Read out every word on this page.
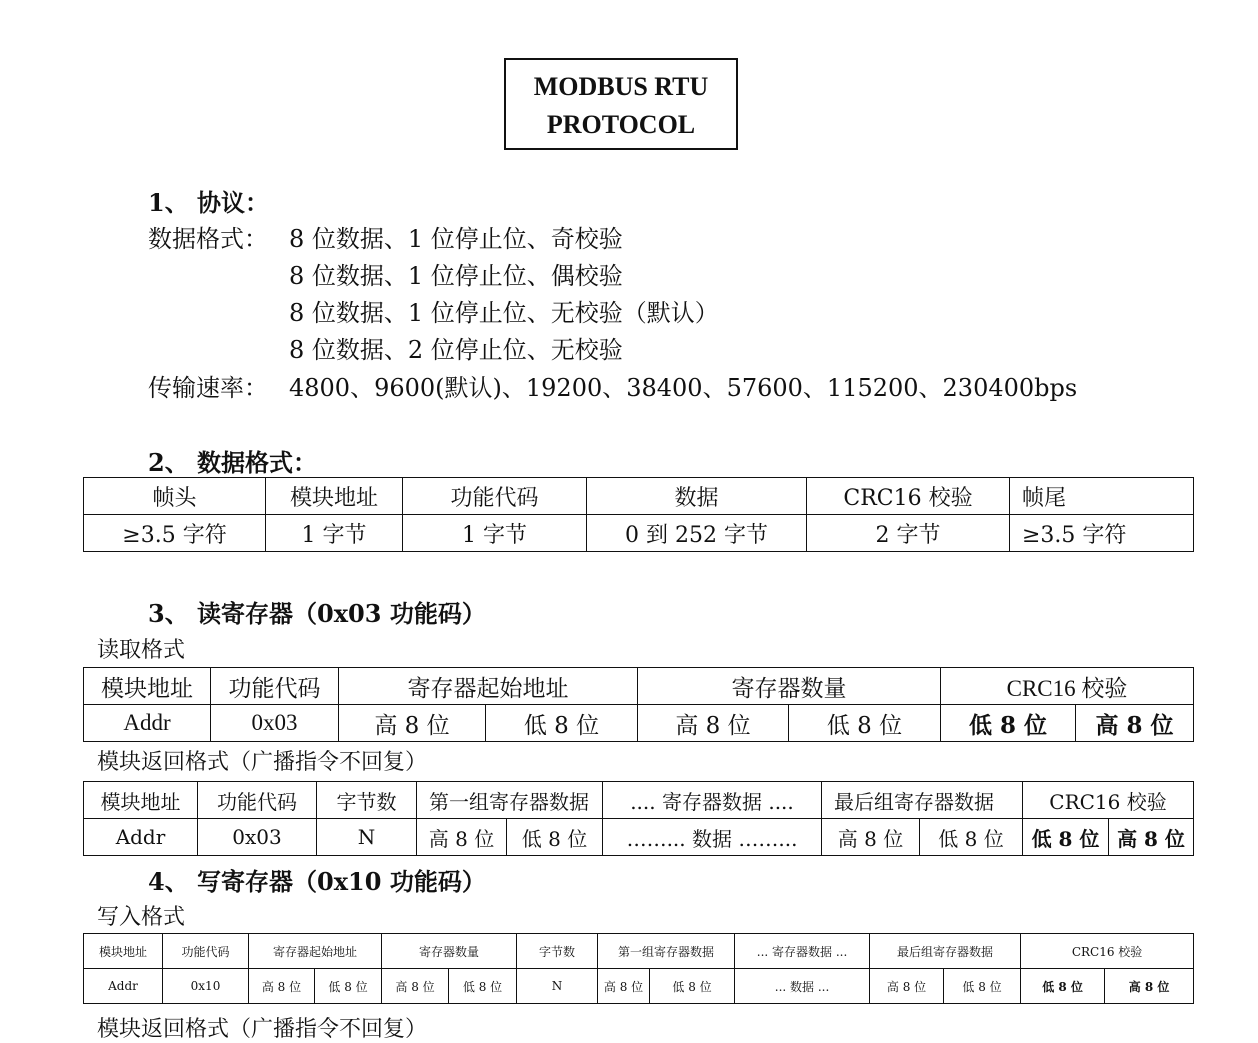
MODBUS RTU
PROTOCOL
1、 协议：
数据格式： 8 位数据、1 位停止位、奇校验
8 位数据、1 位停止位、偶校验
8 位数据、1 位停止位、无校验（默认）
8 位数据、2 位停止位、无校验
传输速率： 4800、9600(默认)、19200、38400、57600、115200、230400bps
2、 数据格式：
帧头	模块地址	功能代码	数据	CRC16 校验	帧尾
≥3.5 字符	1 字节	1 字节	0 到 252 字节	2 字节	≥3.5 字符
3、 读寄存器（0x03 功能码）
读取格式
模块地址	功能代码	寄存器起始地址		寄存器数量		CRC16 校验	
Addr	0x03	高 8 位	低 8 位	高 8 位	低 8 位	低 8 位	高 8 位
模块返回格式（广播指令不回复）
模块地址	功能代码	字节数	第一组寄存器数据		.... 寄存器数据 ....	最后组寄存器数据		CRC16 校验	
Addr	0x03	N	高 8 位	低 8 位	……... 数据 ……...	高 8 位	低 8 位	低 8 位	高 8 位
4、 写寄存器（0x10 功能码）
写入格式
模块地址	功能代码	寄存器起始地址		寄存器数量		字节数	第一组寄存器数据		... 寄存器数据 ...	最后组寄存器数据		CRC16 校验	
Addr	0x10	高 8 位	低 8 位	高 8 位	低 8 位	N	高 8 位	低 8 位	... 数据 ...	高 8 位	低 8 位	低 8 位	高 8 位
模块返回格式（广播指令不回复）
